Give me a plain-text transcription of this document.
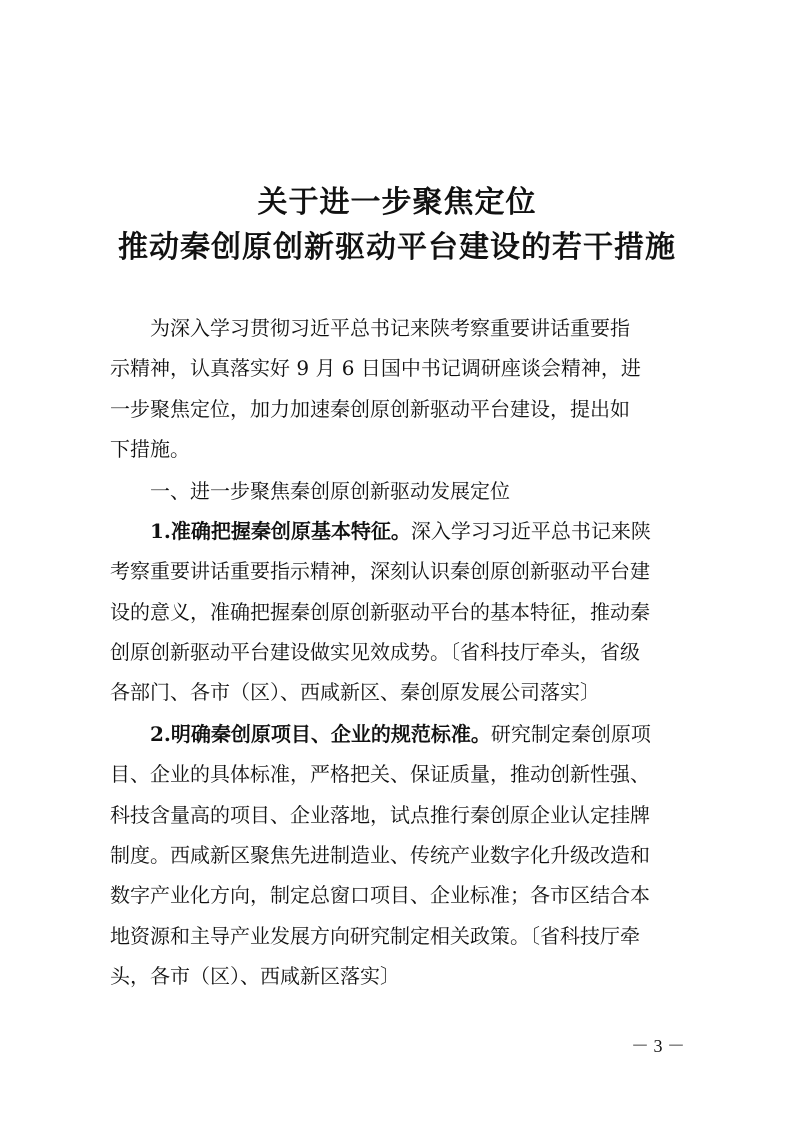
关于进一步聚焦定位
推动秦创原创新驱动平台建设的若干措施
为深入学习贯彻习近平总书记来陕考察重要讲话重要指
示精神，认真落实好 9 月 6 日国中书记调研座谈会精神，进
一步聚焦定位，加力加速秦创原创新驱动平台建设，提出如
下措施。
一、进一步聚焦秦创原创新驱动发展定位
1.准确把握秦创原基本特征。深入学习习近平总书记来陕
考察重要讲话重要指示精神，深刻认识秦创原创新驱动平台建
设的意义，准确把握秦创原创新驱动平台的基本特征，推动秦
创原创新驱动平台建设做实见效成势。〔省科技厅牵头，省级
各部门、各市（区）、西咸新区、秦创原发展公司落实〕
2.明确秦创原项目、企业的规范标准。研究制定秦创原项
目、企业的具体标准，严格把关、保证质量，推动创新性强、
科技含量高的项目、企业落地，试点推行秦创原企业认定挂牌
制度。西咸新区聚焦先进制造业、传统产业数字化升级改造和
数字产业化方向，制定总窗口项目、企业标准；各市区结合本
地资源和主导产业发展方向研究制定相关政策。〔省科技厅牵
头，各市（区）、西咸新区落实〕
－ 3 －
